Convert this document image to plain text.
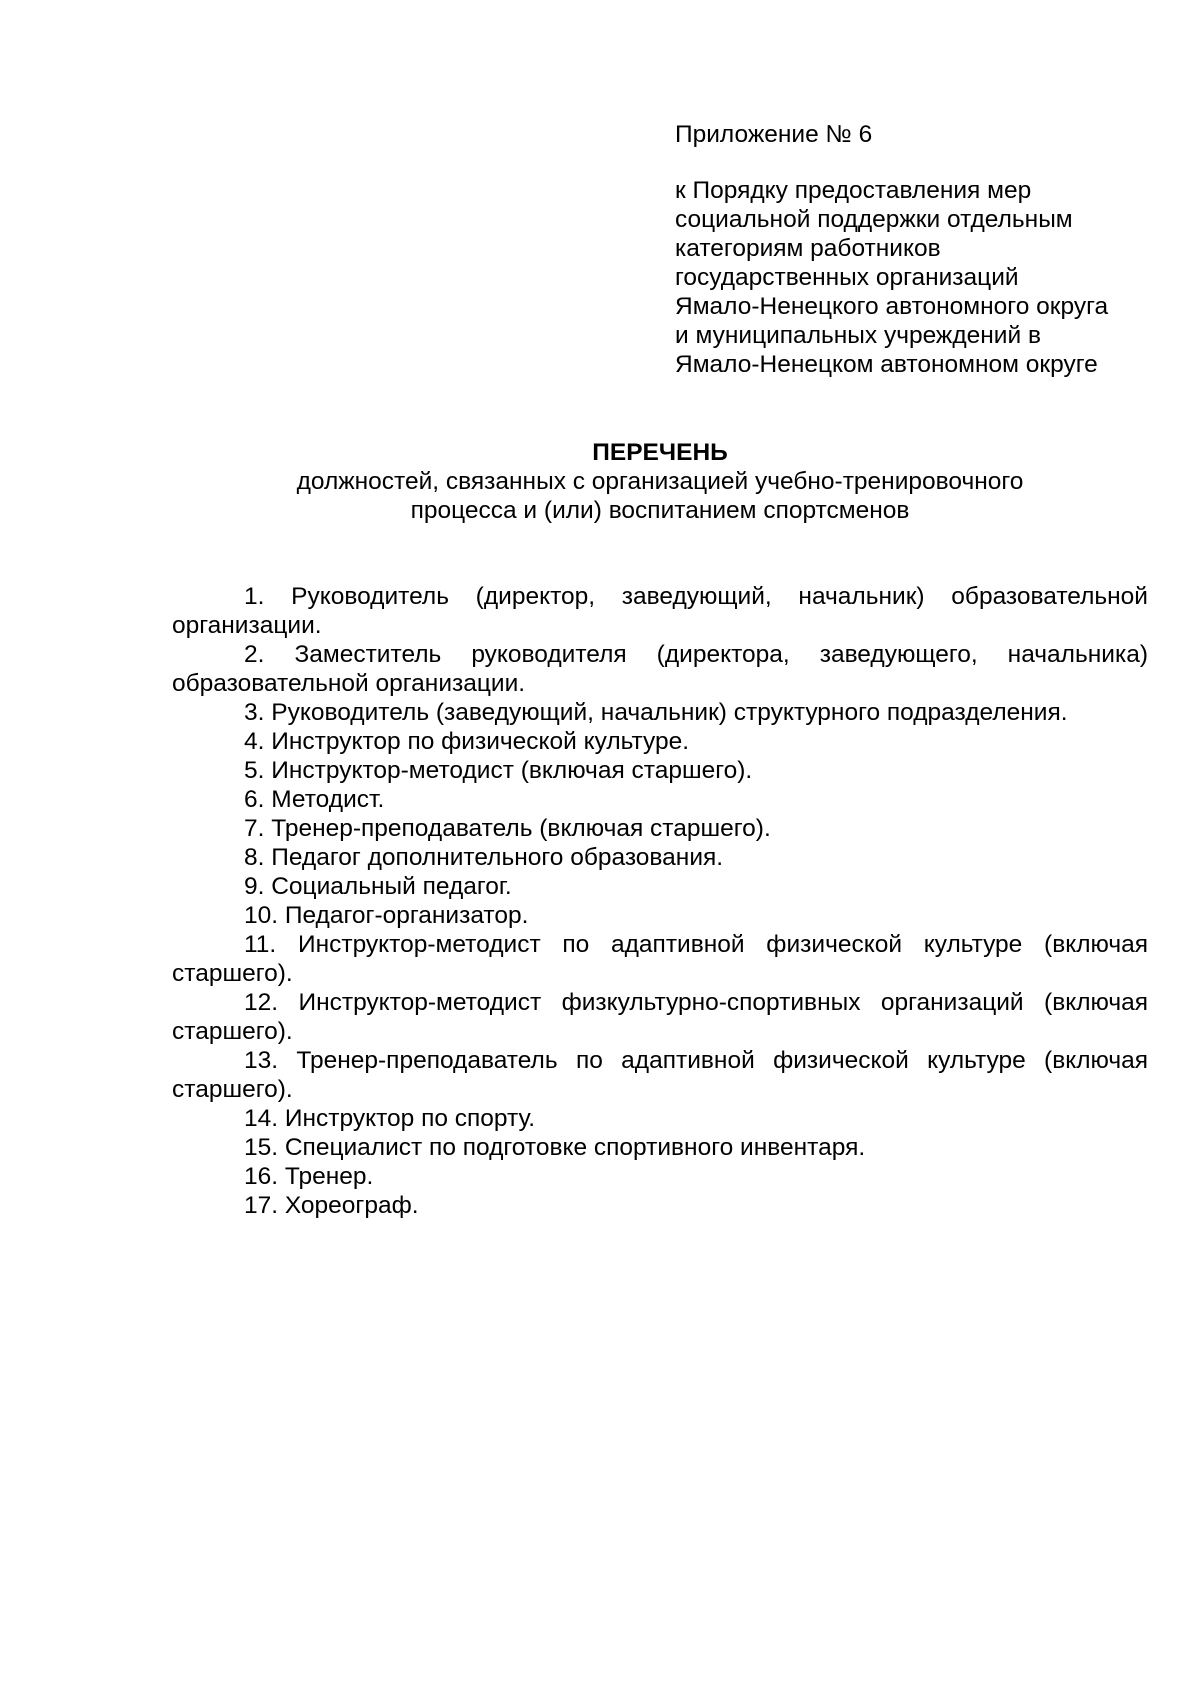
Приложение № 6
к Порядку предоставления мер
социальной поддержки отдельным
категориям работников
государственных организаций
Ямало-Ненецкого автономного округа
и муниципальных учреждений в
Ямало-Ненецком автономном округе
ПЕРЕЧЕНЬ
должностей, связанных с организацией учебно-тренировочного
процесса и (или) воспитанием спортсменов

1. Руководитель (директор, заведующий, начальник) образовательной организации.

2. Заместитель руководителя (директора, заведующего, начальника) образовательной организации.

3. Руководитель (заведующий, начальник) структурного подразделения.

4. Инструктор по физической культуре.

5. Инструктор-методист (включая старшего).

6. Методист.

7. Тренер-преподаватель (включая старшего).

8. Педагог дополнительного образования.

9. Социальный педагог.

10. Педагог-организатор.

11. Инструктор-методист по адаптивной физической культуре (включая старшего).

12. Инструктор-методист физкультурно-спортивных организаций (включая старшего).

13. Тренер-преподаватель по адаптивной физической культуре (включая старшего).

14. Инструктор по спорту.

15. Специалист по подготовке спортивного инвентаря.

16. Тренер.

17. Хореограф.
